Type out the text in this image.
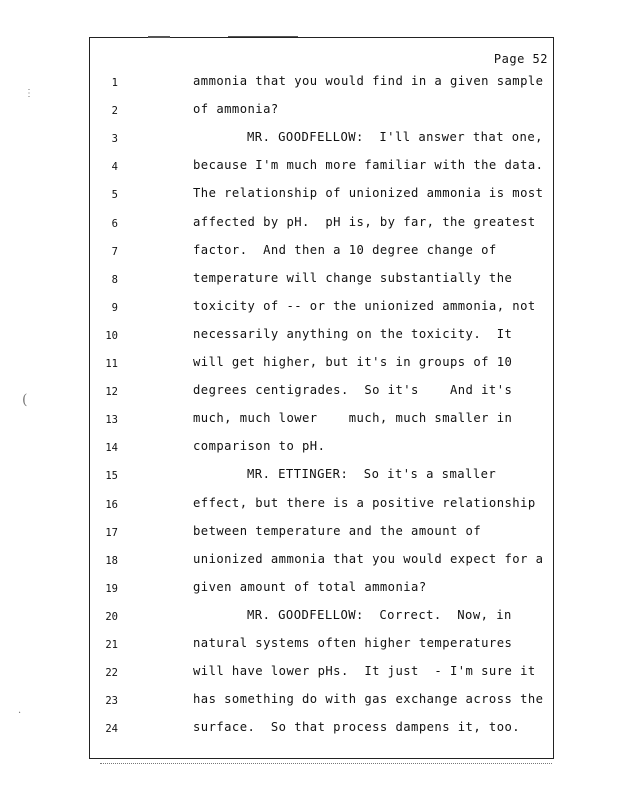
⋮
(
·
Page 52
1	ammonia that you would find in a given sample
2	of ammonia?
3	MR. GOODFELLOW:  I'll answer that one,
4	because I'm much more familiar with the data.
5	The relationship of unionized ammonia is most
6	affected by pH.  pH is, by far, the greatest
7	factor.  And then a 10 degree change of
8	temperature will change substantially the
9	toxicity of -- or the unionized ammonia, not
10	necessarily anything on the toxicity.  It
11	will get higher, but it's in groups of 10
12	degrees centigrades.  So it's    And it's
13	much, much lower    much, much smaller in
14	comparison to pH.
15	MR. ETTINGER:  So it's a smaller
16	effect, but there is a positive relationship
17	between temperature and the amount of
18	unionized ammonia that you would expect for a
19	given amount of total ammonia?
20	MR. GOODFELLOW:  Correct.  Now, in
21	natural systems often higher temperatures
22	will have lower pHs.  It just  - I'm sure it
23	has something do with gas exchange across the
24	surface.  So that process dampens it, too.
